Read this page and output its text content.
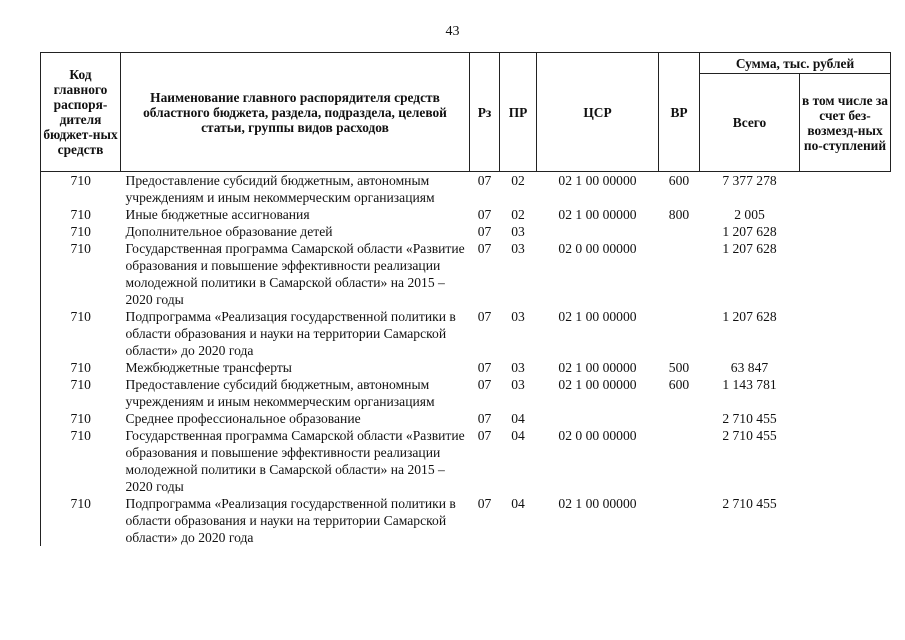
43
Код главного распоря-дителя бюджет-ных средств	Наименование главного распорядителя средств областного бюджета, раздела, подраздела, целевой статьи, группы видов расходов	Рз	ПР	ЦСР	ВР	Сумма, тыс. рублей	
						Всего	в том числе за счет без-возмезд-ных по-ступлений
710	Предоставление субсидий бюджетным, автономным учреждениям и иным некоммерческим организациям	07	02	02 1 00 00000	600	7 377 278	
710	Иные бюджетные ассигнования	07	02	02 1 00 00000	800	2 005	
710	Дополнительное образование детей	07	03			1 207 628	
710	Государственная программа Самарской области «Развитие образования и повышение эффективности реализации молодежной политики в Самарской области» на 2015 – 2020 годы	07	03	02 0 00 00000		1 207 628	
710	Подпрограмма «Реализация государственной политики в области образования и науки на территории Самарской области» до 2020 года	07	03	02 1 00 00000		1 207 628	
710	Межбюджетные трансферты	07	03	02 1 00 00000	500	63 847	
710	Предоставление субсидий бюджетным, автономным учреждениям и иным некоммерческим организациям	07	03	02 1 00 00000	600	1 143 781	
710	Среднее профессиональное образование	07	04			2 710 455	
710	Государственная программа Самарской области «Развитие образования и повышение эффективности реализации молодежной политики в Самарской области» на 2015 – 2020 годы	07	04	02 0 00 00000		2 710 455	
710	Подпрограмма «Реализация государственной политики в области образования и науки на территории Самарской области» до 2020 года	07	04	02 1 00 00000		2 710 455	
